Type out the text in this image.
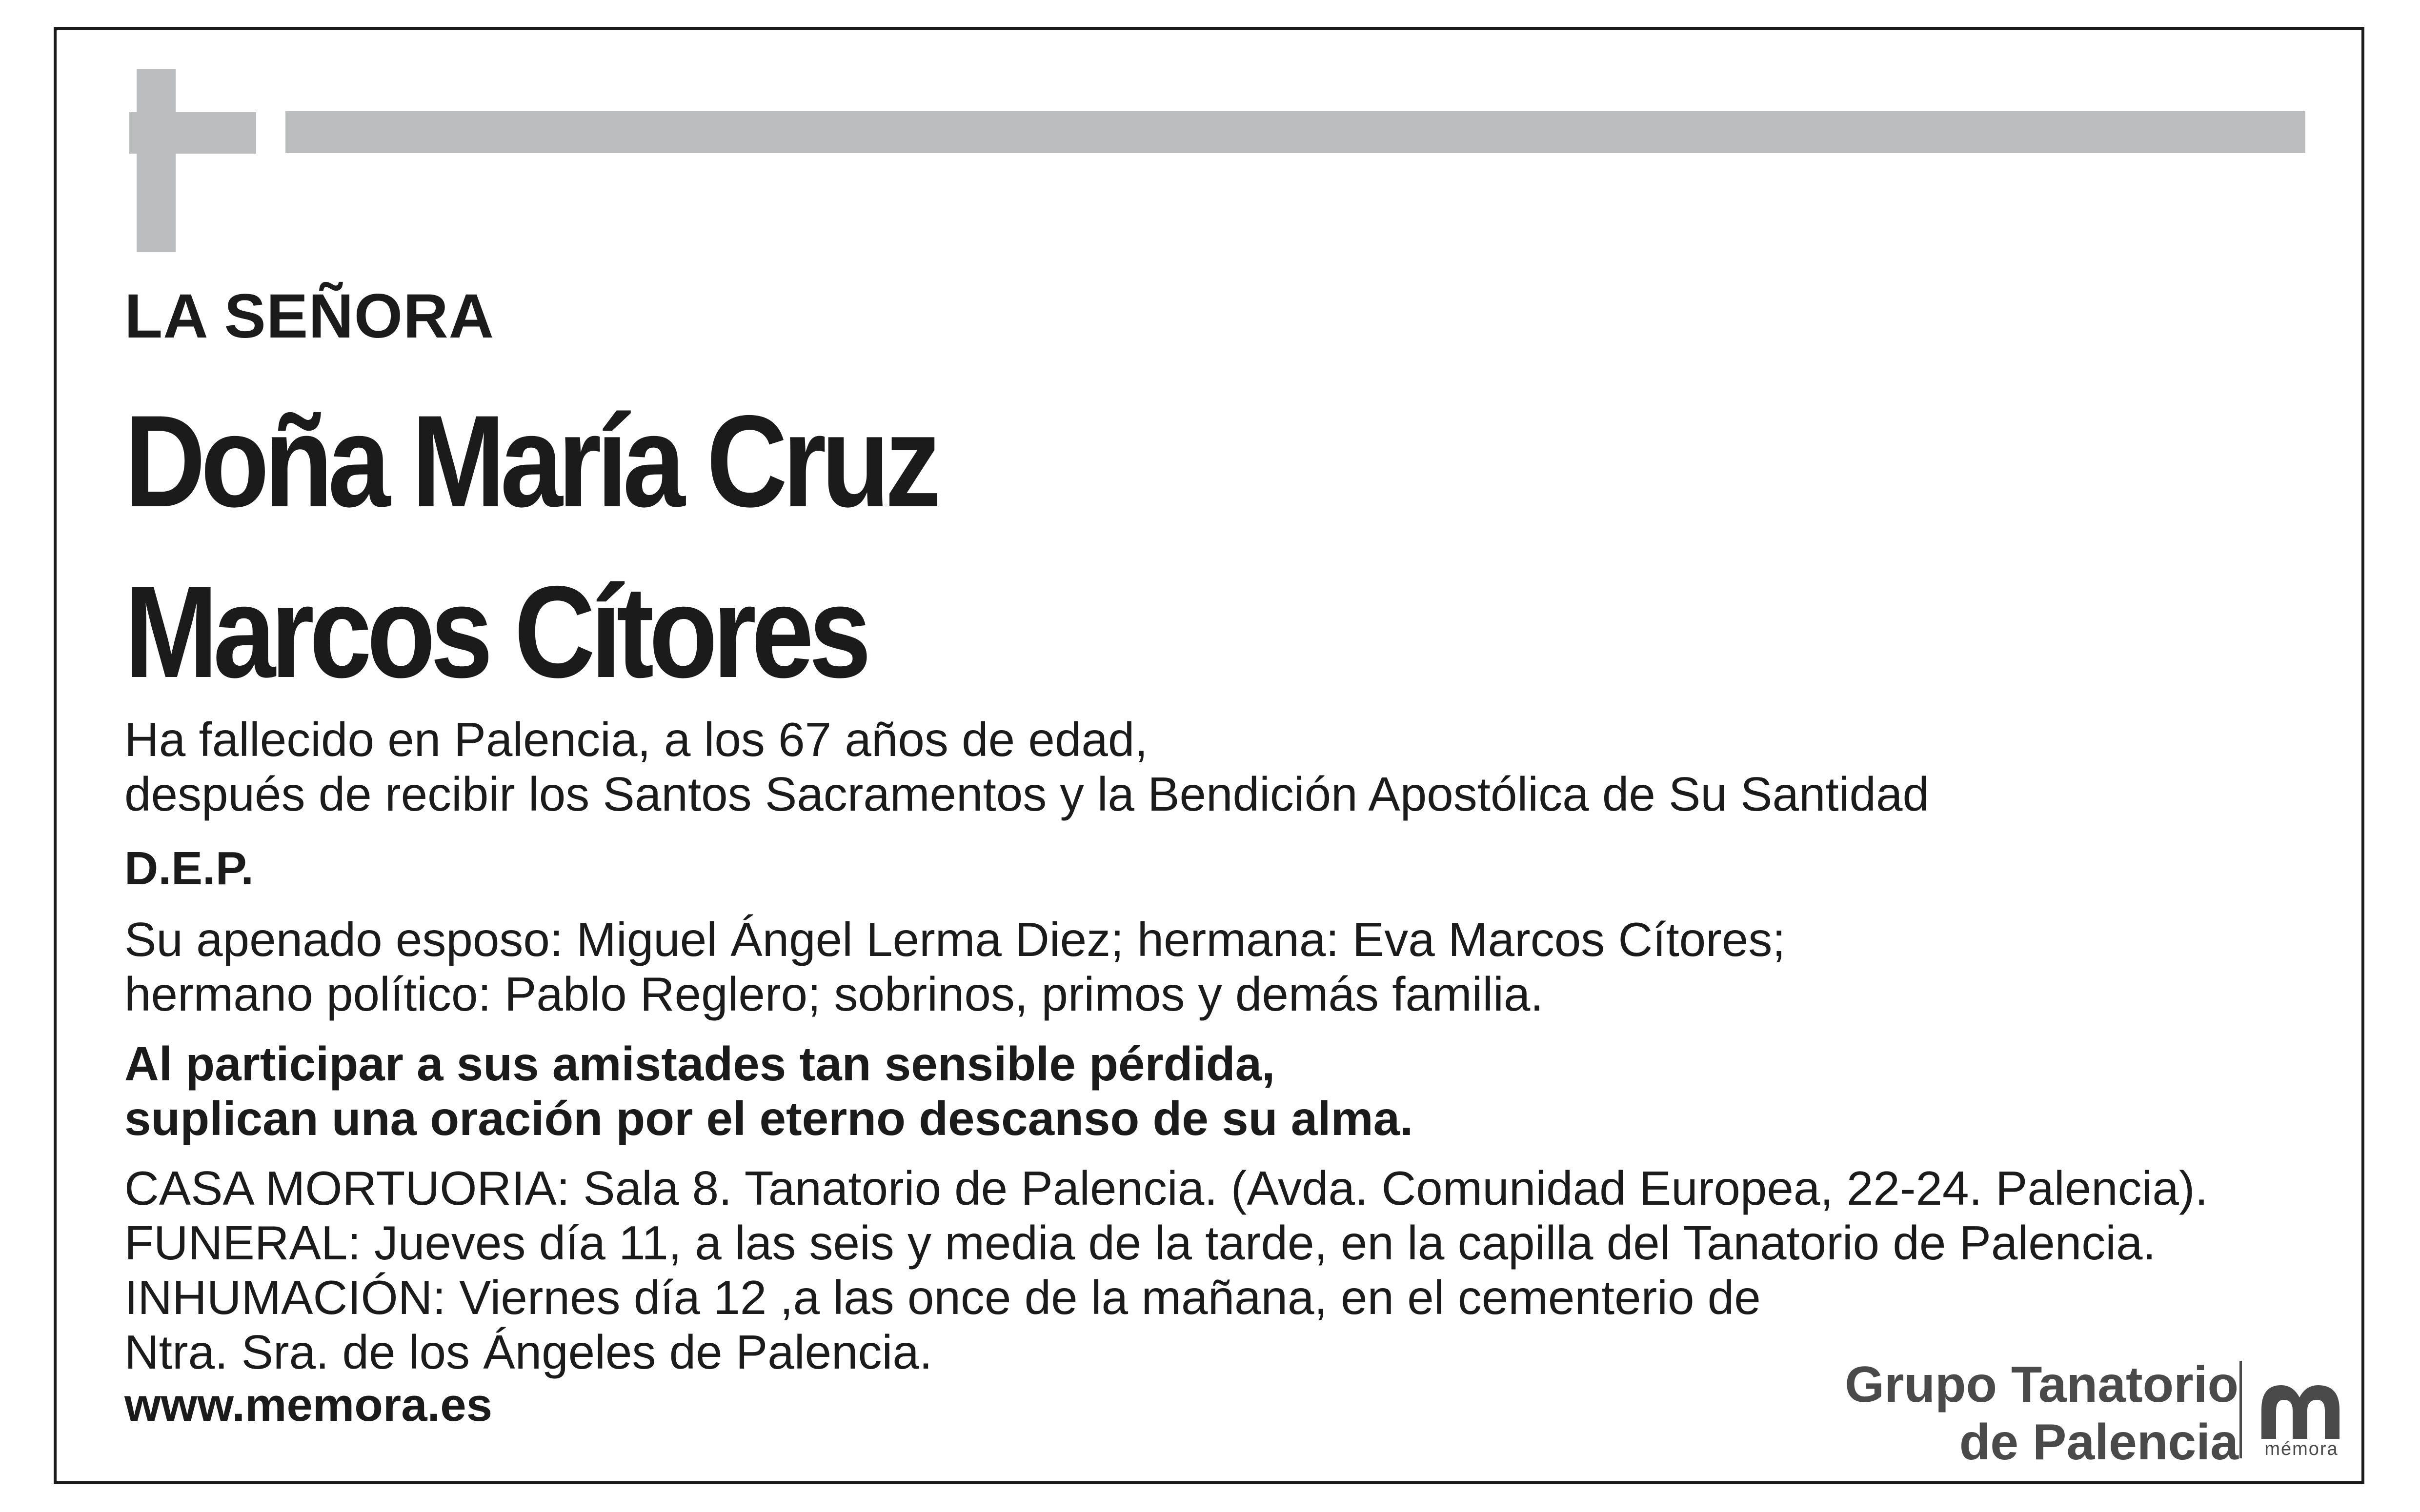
LA SEÑORA
Doña María Cruz
Marcos Cítores
Ha fallecido en Palencia, a los 67 años de edad,
después de recibir los Santos Sacramentos y la Bendición Apostólica de Su Santidad
D.E.P.
Su apenado esposo: Miguel Ángel Lerma Diez; hermana: Eva Marcos Cítores;
hermano político: Pablo Reglero; sobrinos, primos y demás familia.
Al participar a sus amistades tan sensible pérdida,
suplican una oración por el eterno descanso de su alma.
CASA MORTUORIA: Sala 8. Tanatorio de Palencia. (Avda. Comunidad Europea, 22-24. Palencia).
FUNERAL: Jueves día 11, a las seis y media de la tarde, en la capilla del Tanatorio de Palencia.
INHUMACIÓN: Viernes día 12 ,a las once de la mañana, en el cementerio de
Ntra. Sra. de los Ángeles de Palencia.
www.memora.es	Grupo Tanatorio
de Palencia mémora
